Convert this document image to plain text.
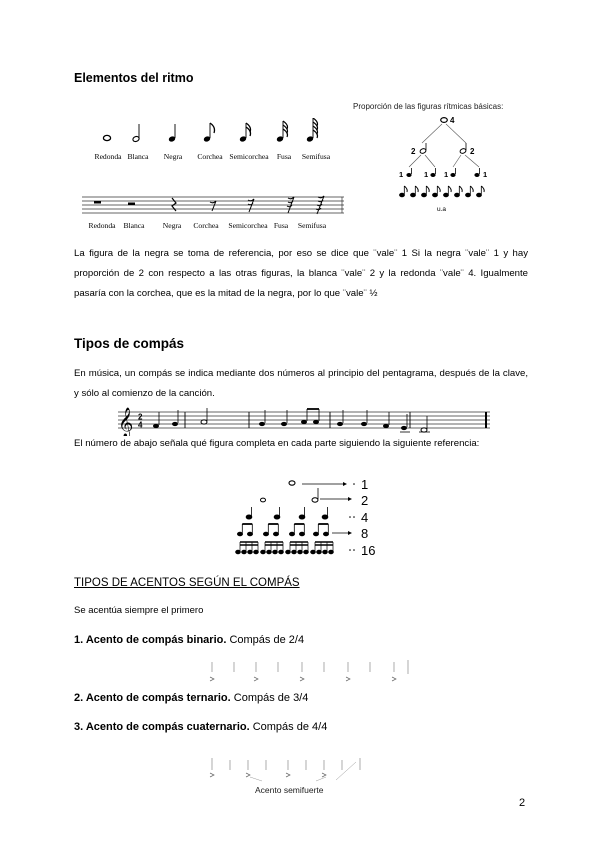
Elementos del ritmo
Redonda Blanca	Negra	Corchea Semicorchea	Fusa	Semifusa
Redonda	Blanca	Negra	Corchea	Semicorchea Fusa	Semifusa
Proporción de las figuras rítmicas básicas:
4
2	2
1	1 1	1
u.a
La figura de la negra se toma de referencia, por eso se dice que ¨vale¨ 1 Si la negra ¨vale¨ 1 y hay proporción de 2 con respecto a las otras figuras, la blanca ¨vale¨ 2 y la redonda ¨vale¨ 4. Igualmente pasaría con la corchea, que es la mitad de la negra, por lo que ¨vale¨ ½
Tipos de compás
En música, un compás se indica mediante dos números al principio del pentagrama, después de la clave, y sólo al comienzo de la canción.
𝄞 2
4
El número de abajo señala qué figura completa en cada parte siguiendo la siguiente referencia:
1
2
4
8
16
TIPOS DE ACENTOS SEGÚN EL COMPÁS
Se acentúa siempre el primero
1. Acento de compás binario. Compás de 2/4
2. Acento de compás ternario. Compás de 3/4
3. Acento de compás cuaternario. Compás de 4/4
Acento semifuerte
2
